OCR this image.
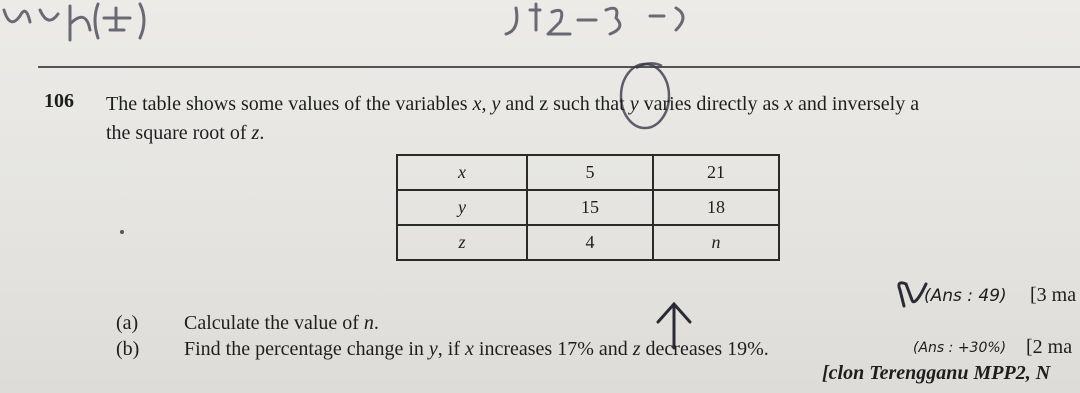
106 The table shows some values of the variables x, y and z such that y varies directly as x and inversely a
the square root of z.
x	5	21
y	15	18
z	4	n
(a) Calculate the value of n.
(Ans : 49) [3 ma
(b) Find the percentage change in y, if x increases 17% and z decreases 19%.	(Ans : +30%) [2 ma
[clon Terengganu MPP2, N
